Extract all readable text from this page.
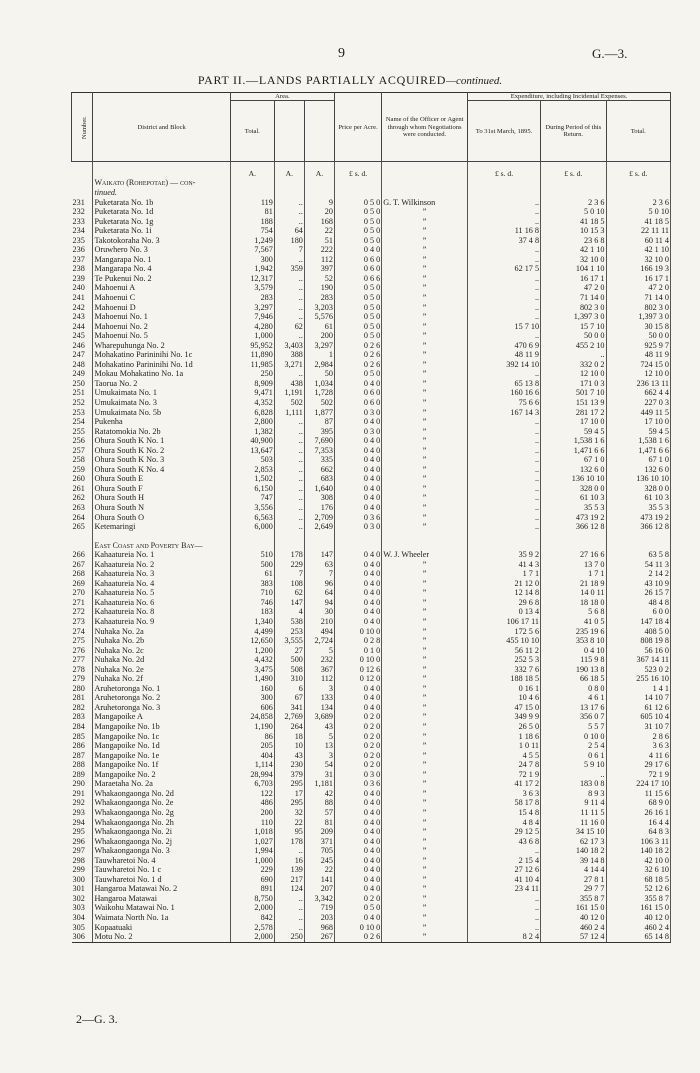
9	G.—3.
PART II.—LANDS PARTIALLY ACQUIRED—continued.
Number.	District and Block	Area.			Price per Acre.	Name of the Officer or Agent through whom Negotiations were conducted.	Expenditure, including Incidental Expenses.		
		Total.					To 31st March, 1895.	During Period of this Return.	Total.
		A.	A.	A.	£ s. d.		£ s. d.	£ s. d.	£ s. d.
	Waikato (Rohepotae) — con-								
	tinued.								
231	Puketarata No. 1b	119	..	9	0 5 0	G. T. Wilkinson	..	2 3 6	2 3 6
232	Puketarata No. 1d	81	..	20	0 5 0	”	..	5 0 10	5 0 10
233	Puketarata No. 1g	188	..	168	0 5 0	”	..	41 18 5	41 18 5
234	Puketarata No. 1i	754	64	22	0 5 0	”	11 16 8	10 15 3	22 11 11
235	Takotokoraha No. 3	1,249	180	51	0 5 0	”	37 4 8	23 6 8	60 11 4
236	Oruwhero No. 3	7,567	7	222	0 4 0	”	..	42 1 10	42 1 10
237	Mangarapa No. 1	300	..	112	0 6 0	”	..	32 10 0	32 10 0
238	Mangarapa No. 4	1,942	359	397	0 6 0	”	62 17 5	104 1 10	166 19 3
239	Te Pukenui No. 2	12,317	..	52	0 6 6	”	..	16 17 1	16 17 1
240	Mahoenui A	3,579	..	190	0 5 0	”	..	47 2 0	47 2 0
241	Mahoenui C	283	..	283	0 5 0	”	..	71 14 0	71 14 0
242	Mahoenui D	3,297	..	3,203	0 5 0	”	..	802 3 0	802 3 0
243	Mahoenui No. 1	7,946	..	5,576	0 5 0	”	..	1,397 3 0	1,397 3 0
244	Mahoenui No. 2	4,280	62	61	0 5 0	”	15 7 10	15 7 10	30 15 8
245	Mahoenui No. 5	1,000	..	200	0 5 0	”	..	50 0 0	50 0 0
246	Wharepuhunga No. 2	95,952	3,403	3,297	0 2 6	”	470 6 9	455 2 10	925 9 7
247	Mohakatino Parininihi No. 1c	11,890	388	1	0 2 6	”	48 11 9	..	48 11 9
248	Mohakatino Parininihi No. 1d	11,985	3,271	2,984	0 2 6	”	392 14 10	332 0 2	724 15 0
249	Mokau Mohakatino No. 1a	250	..	50	0 5 0	”	..	12 10 0	12 10 0
250	Taorua No. 2	8,909	438	1,034	0 4 0	”	65 13 8	171 0 3	236 13 11
251	Umukaimata No. 1	9,471	1,191	1,728	0 6 0	”	160 16 6	501 7 10	662 4 4
252	Umukaimata No. 3	4,352	502	502	0 6 0	”	75 6 6	151 13 9	227 0 3
253	Umukaimata No. 5b	6,828	1,111	1,877	0 3 0	”	167 14 3	281 17 2	449 11 5
254	Pukenha	2,800	..	87	0 4 0	”	..	17 10 0	17 10 0
255	Ratatomokia No. 2b	1,382	..	395	0 3 0	”	..	59 4 5	59 4 5
256	Ohura South K No. 1	40,900	..	7,690	0 4 0	”	..	1,538 1 6	1,538 1 6
257	Ohura South K No. 2	13,647	..	7,353	0 4 0	”	..	1,471 6 6	1,471 6 6
258	Ohura South K No. 3	503	..	335	0 4 0	”	..	67 1 0	67 1 0
259	Ohura South K No. 4	2,853	..	662	0 4 0	”	..	132 6 0	132 6 0
260	Ohura South E	1,502	..	683	0 4 0	”	..	136 10 10	136 10 10
261	Ohura South F	6,150	..	1,640	0 4 0	”	..	328 0 0	328 0 0
262	Ohura South H	747	..	308	0 4 0	”	..	61 10 3	61 10 3
263	Ohura South N	3,556	..	176	0 4 0	”	..	35 5 3	35 5 3
264	Ohura South O	6,563	..	2,709	0 3 6	”	..	473 19 2	473 19 2
265	Ketemaringi	6,000	..	2,649	0 3 0	”	..	366 12 8	366 12 8

	East Coast and Poverty Bay—								
266	Kahaatureia No. 1	510	178	147	0 4 0	W. J. Wheeler	35 9 2	27 16 6	63 5 8
267	Kahaatureia No. 2	500	229	63	0 4 0	”	41 4 3	13 7 0	54 11 3
268	Kahaatureia No. 3	61	7	7	0 4 0	”	1 7 1	1 7 1	2 14 2
269	Kahaatureia No. 4	383	108	96	0 4 0	”	21 12 0	21 18 9	43 10 9
270	Kahaatureia No. 5	710	62	64	0 4 0	”	12 14 8	14 0 11	26 15 7
271	Kahaatureia No. 6	746	147	94	0 4 0	”	29 6 8	18 18 0	48 4 8
272	Kahaatureia No. 8	183	4	30	0 4 0	”	0 13 4	5 6 8	6 0 0
273	Kahaatureia No. 9	1,340	538	210	0 4 0	”	106 17 11	41 0 5	147 18 4
274	Nuhaka No. 2a	4,499	253	494	0 10 0	”	172 5 6	235 19 6	408 5 0
275	Nuhaka No. 2b	12,650	3,555	2,724	0 2 8	”	455 10 10	353 8 10	808 19 8
276	Nuhaka No. 2c	1,200	27	5	0 1 0	”	56 11 2	0 4 10	56 16 0
277	Nuhaka No. 2d	4,432	500	232	0 10 0	”	252 5 3	115 9 8	367 14 11
278	Nuhaka No. 2e	3,475	508	367	0 12 6	”	332 7 6	190 13 8	523 0 2
279	Nuhaka No. 2f	1,490	310	112	0 12 0	”	188 18 5	66 18 5	255 16 10
280	Aruhetoronga No. 1	160	6	3	0 4 0	”	0 16 1	0 8 0	1 4 1
281	Aruhetoronga No. 2	300	67	133	0 4 0	”	10 4 6	4 6 1	14 10 7
282	Aruhetoronga No. 3	606	341	134	0 4 0	”	47 15 0	13 17 6	61 12 6
283	Mangapoike A	24,858	2,769	3,689	0 2 0	”	349 9 9	356 0 7	605 10 4
284	Mangapoike No. 1b	1,190	264	43	0 2 0	”	26 5 0	5 5 7	31 10 7
285	Mangapoike No. 1c	86	18	5	0 2 0	”	1 18 6	0 10 0	2 8 6
286	Mangapoike No. 1d	205	10	13	0 2 0	”	1 0 11	2 5 4	3 6 3
287	Mangapoike No. 1e	404	43	3	0 2 0	”	4 5 5	0 6 1	4 11 6
288	Mangapoike No. 1f	1,114	230	54	0 2 0	”	24 7 8	5 9 10	29 17 6
289	Mangapoike No. 2	28,994	379	31	0 3 0	”	72 1 9	..	72 1 9
290	Maraetaha No. 2a	6,703	295	1,181	0 3 6	”	41 17 2	183 0 8	224 17 10
291	Whakaongaonga No. 2d	122	17	42	0 4 0	”	3 6 3	8 9 3	11 15 6
292	Whakaongaonga No. 2e	486	295	88	0 4 0	”	58 17 8	9 11 4	68 9 0
293	Whakaongaonga No. 2g	200	32	57	0 4 0	”	15 4 8	11 11 5	26 16 1
294	Whakaongaonga No. 2h	110	22	81	0 4 0	”	4 8 4	11 16 0	16 4 4
295	Whakaongaonga No. 2i	1,018	95	209	0 4 0	”	29 12 5	34 15 10	64 8 3
296	Whakaongaonga No. 2j	1,027	178	371	0 4 0	”	43 6 8	62 17 3	106 3 11
297	Whakaongaonga No. 3	1,994	..	705	0 4 0	”	..	140 18 2	140 18 2
298	Tauwharetoi No. 4	1,000	16	245	0 4 0	”	2 15 4	39 14 8	42 10 0
299	Tauwharetoi No. 1 c	229	139	22	0 4 0	”	27 12 6	4 14 4	32 6 10
300	Tauwharetoi No. 1 d	690	217	141	0 4 0	”	41 10 4	27 8 1	68 18 5
301	Hangaroa Matawai No. 2	891	124	207	0 4 0	”	23 4 11	29 7 7	52 12 6
302	Hangaroa Matawai	8,750	..	3,342	0 2 0	”	..	355 8 7	355 8 7
303	Waikohu Matawai No. 1	2,000	..	719	0 5 0	”	..	161 15 0	161 15 0
304	Waimata North No. 1a	842	..	203	0 4 0	”	..	40 12 0	40 12 0
305	Kopaatuaki	2,578	..	968	0 10 0	”	..	460 2 4	460 2 4
306	Motu No. 2	2,000	250	267	0 2 6	”	8 2 4	57 12 4	65 14 8
2—G. 3.
